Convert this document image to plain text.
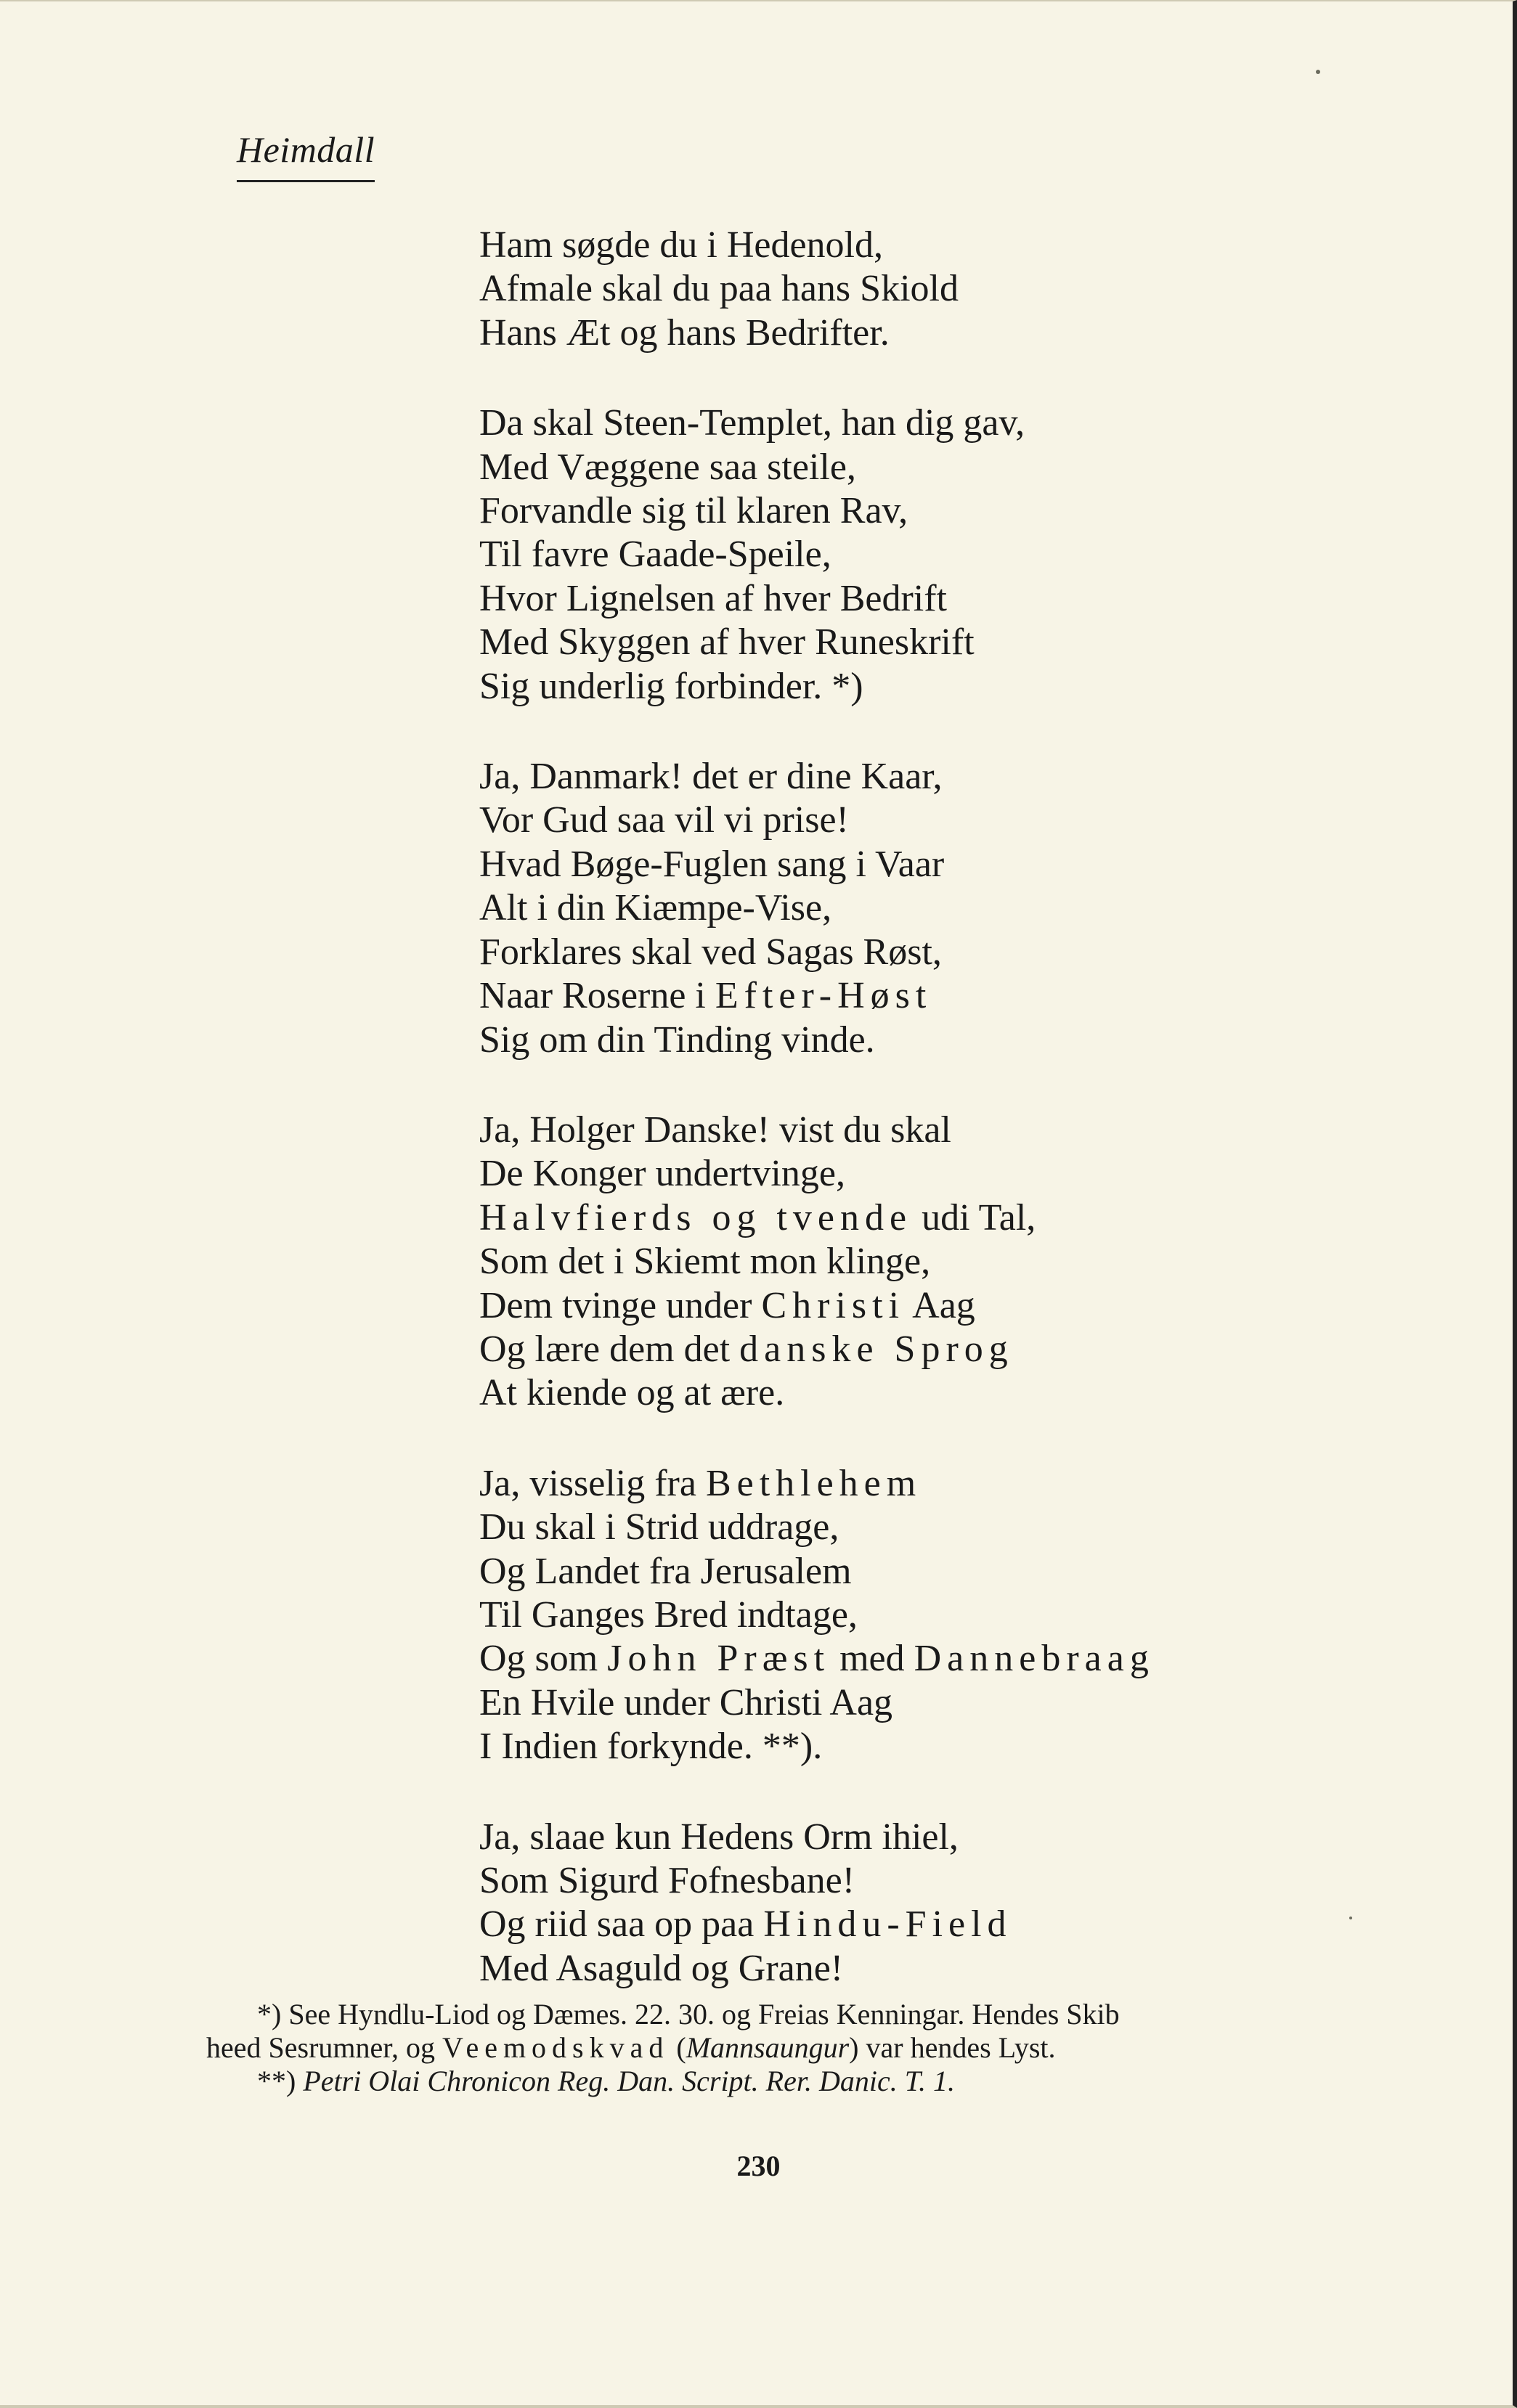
Heimdall
Ham søgde du i Hedenold,
Afmale skal du paa hans Skiold
Hans Æt og hans Bedrifter.
Da skal Steen-Templet, han dig gav,
Med Væggene saa steile,
Forvandle sig til klaren Rav,
Til favre Gaade-Speile,
Hvor Lignelsen af hver Bedrift
Med Skyggen af hver Runeskrift
Sig underlig forbinder. *)
Ja, Danmark! det er dine Kaar,
Vor Gud saa vil vi prise!
Hvad Bøge-Fuglen sang i Vaar
Alt i din Kiæmpe-Vise,
Forklares skal ved Sagas Røst,
Naar Roserne i Efter-Høst
Sig om din Tinding vinde.
Ja, Holger Danske! vist du skal
De Konger undertvinge,
Halvfierds og tvende udi Tal,
Som det i Skiemt mon klinge,
Dem tvinge under Christi Aag
Og lære dem det danske Sprog
At kiende og at ære.
Ja, visselig fra Bethlehem
Du skal i Strid uddrage,
Og Landet fra Jerusalem
Til Ganges Bred indtage,
Og som John Præst med Dannebraag
En Hvile under Christi Aag
I Indien forkynde. **).
Ja, slaae kun Hedens Orm ihiel,
Som Sigurd Fofnesbane!
Og riid saa op paa Hindu-Field
Med Asaguld og Grane!
*) See Hyndlu-Liod og Dæmes. 22. 30. og Freias Kenningar. Hendes Skib
heed Sesrumner, og Veemodskvad (Mannsaungur) var hendes Lyst.
**) Petri Olai Chronicon Reg. Dan. Script. Rer. Danic. T. 1.
230
